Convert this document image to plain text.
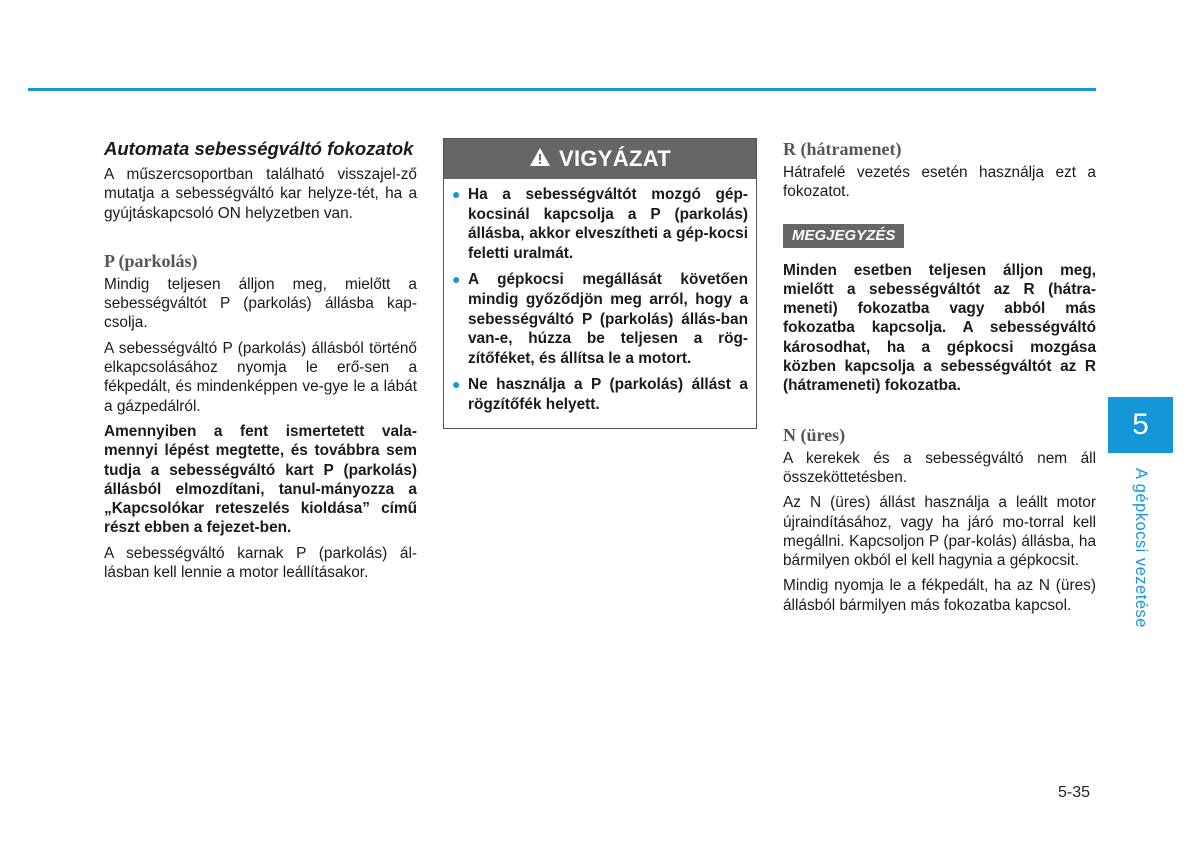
Automata sebességváltó fokozatok

A műszercsoportban található visszajel-ző mutatja a sebességváltó kar helyze-tét, ha a gyújtáskapcsoló ON helyzetben van.

P (parkolás)

Mindig teljesen álljon meg, mielőtt a sebességváltót P (parkolás) állásba kap-csolja.

A sebességváltó P (parkolás) állásból történő elkapcsolásához nyomja le erő-sen a fékpedált, és mindenképpen ve-gye le a lábát a gázpedálról.

Amennyiben a fent ismertetett vala-mennyi lépést megtette, és továbbra sem tudja a sebességváltó kart P (parkolás) állásból elmozdítani, tanul-mányozza a „Kapcsolókar reteszelés kioldása” című részt ebben a fejezet-ben.

A sebességváltó karnak P (parkolás) ál-lásban kell lennie a motor leállításakor.

VIGYÁZAT
● Ha a sebességváltót mozgó gép-kocsinál kapcsolja a P (parkolás) állásba, akkor elveszítheti a gép-kocsi feletti uralmát.
● A gépkocsi megállását követően mindig győződjön meg arról, hogy a sebességváltó P (parkolás) állás-ban van-e, húzza be teljesen a rög-zítőféket, és állítsa le a motort.
● Ne használja a P (parkolás) állást a rögzítőfék helyett.
R (hátramenet)

Hátrafelé vezetés esetén használja ezt a fokozatot.

MEGJEGYZÉS

Minden esetben teljesen álljon meg, mielőtt a sebességváltót az R (hátra-meneti) fokozatba vagy abból más fokozatba kapcsolja. A sebességváltó károsodhat, ha a gépkocsi mozgása közben kapcsolja a sebességváltót az R (hátrameneti) fokozatba.

N (üres)

A kerekek és a sebességváltó nem áll összeköttetésben.

Az N (üres) állást használja a leállt motor újraindításához, vagy ha járó mo-torral kell megállni. Kapcsoljon P (par-kolás) állásba, ha bármilyen okból el kell hagynia a gépkocsit.

Mindig nyomja le a fékpedált, ha az N (üres) állásból bármilyen más fokozatba kapcsol.

5
A gépkocsi vezetése
5-35
